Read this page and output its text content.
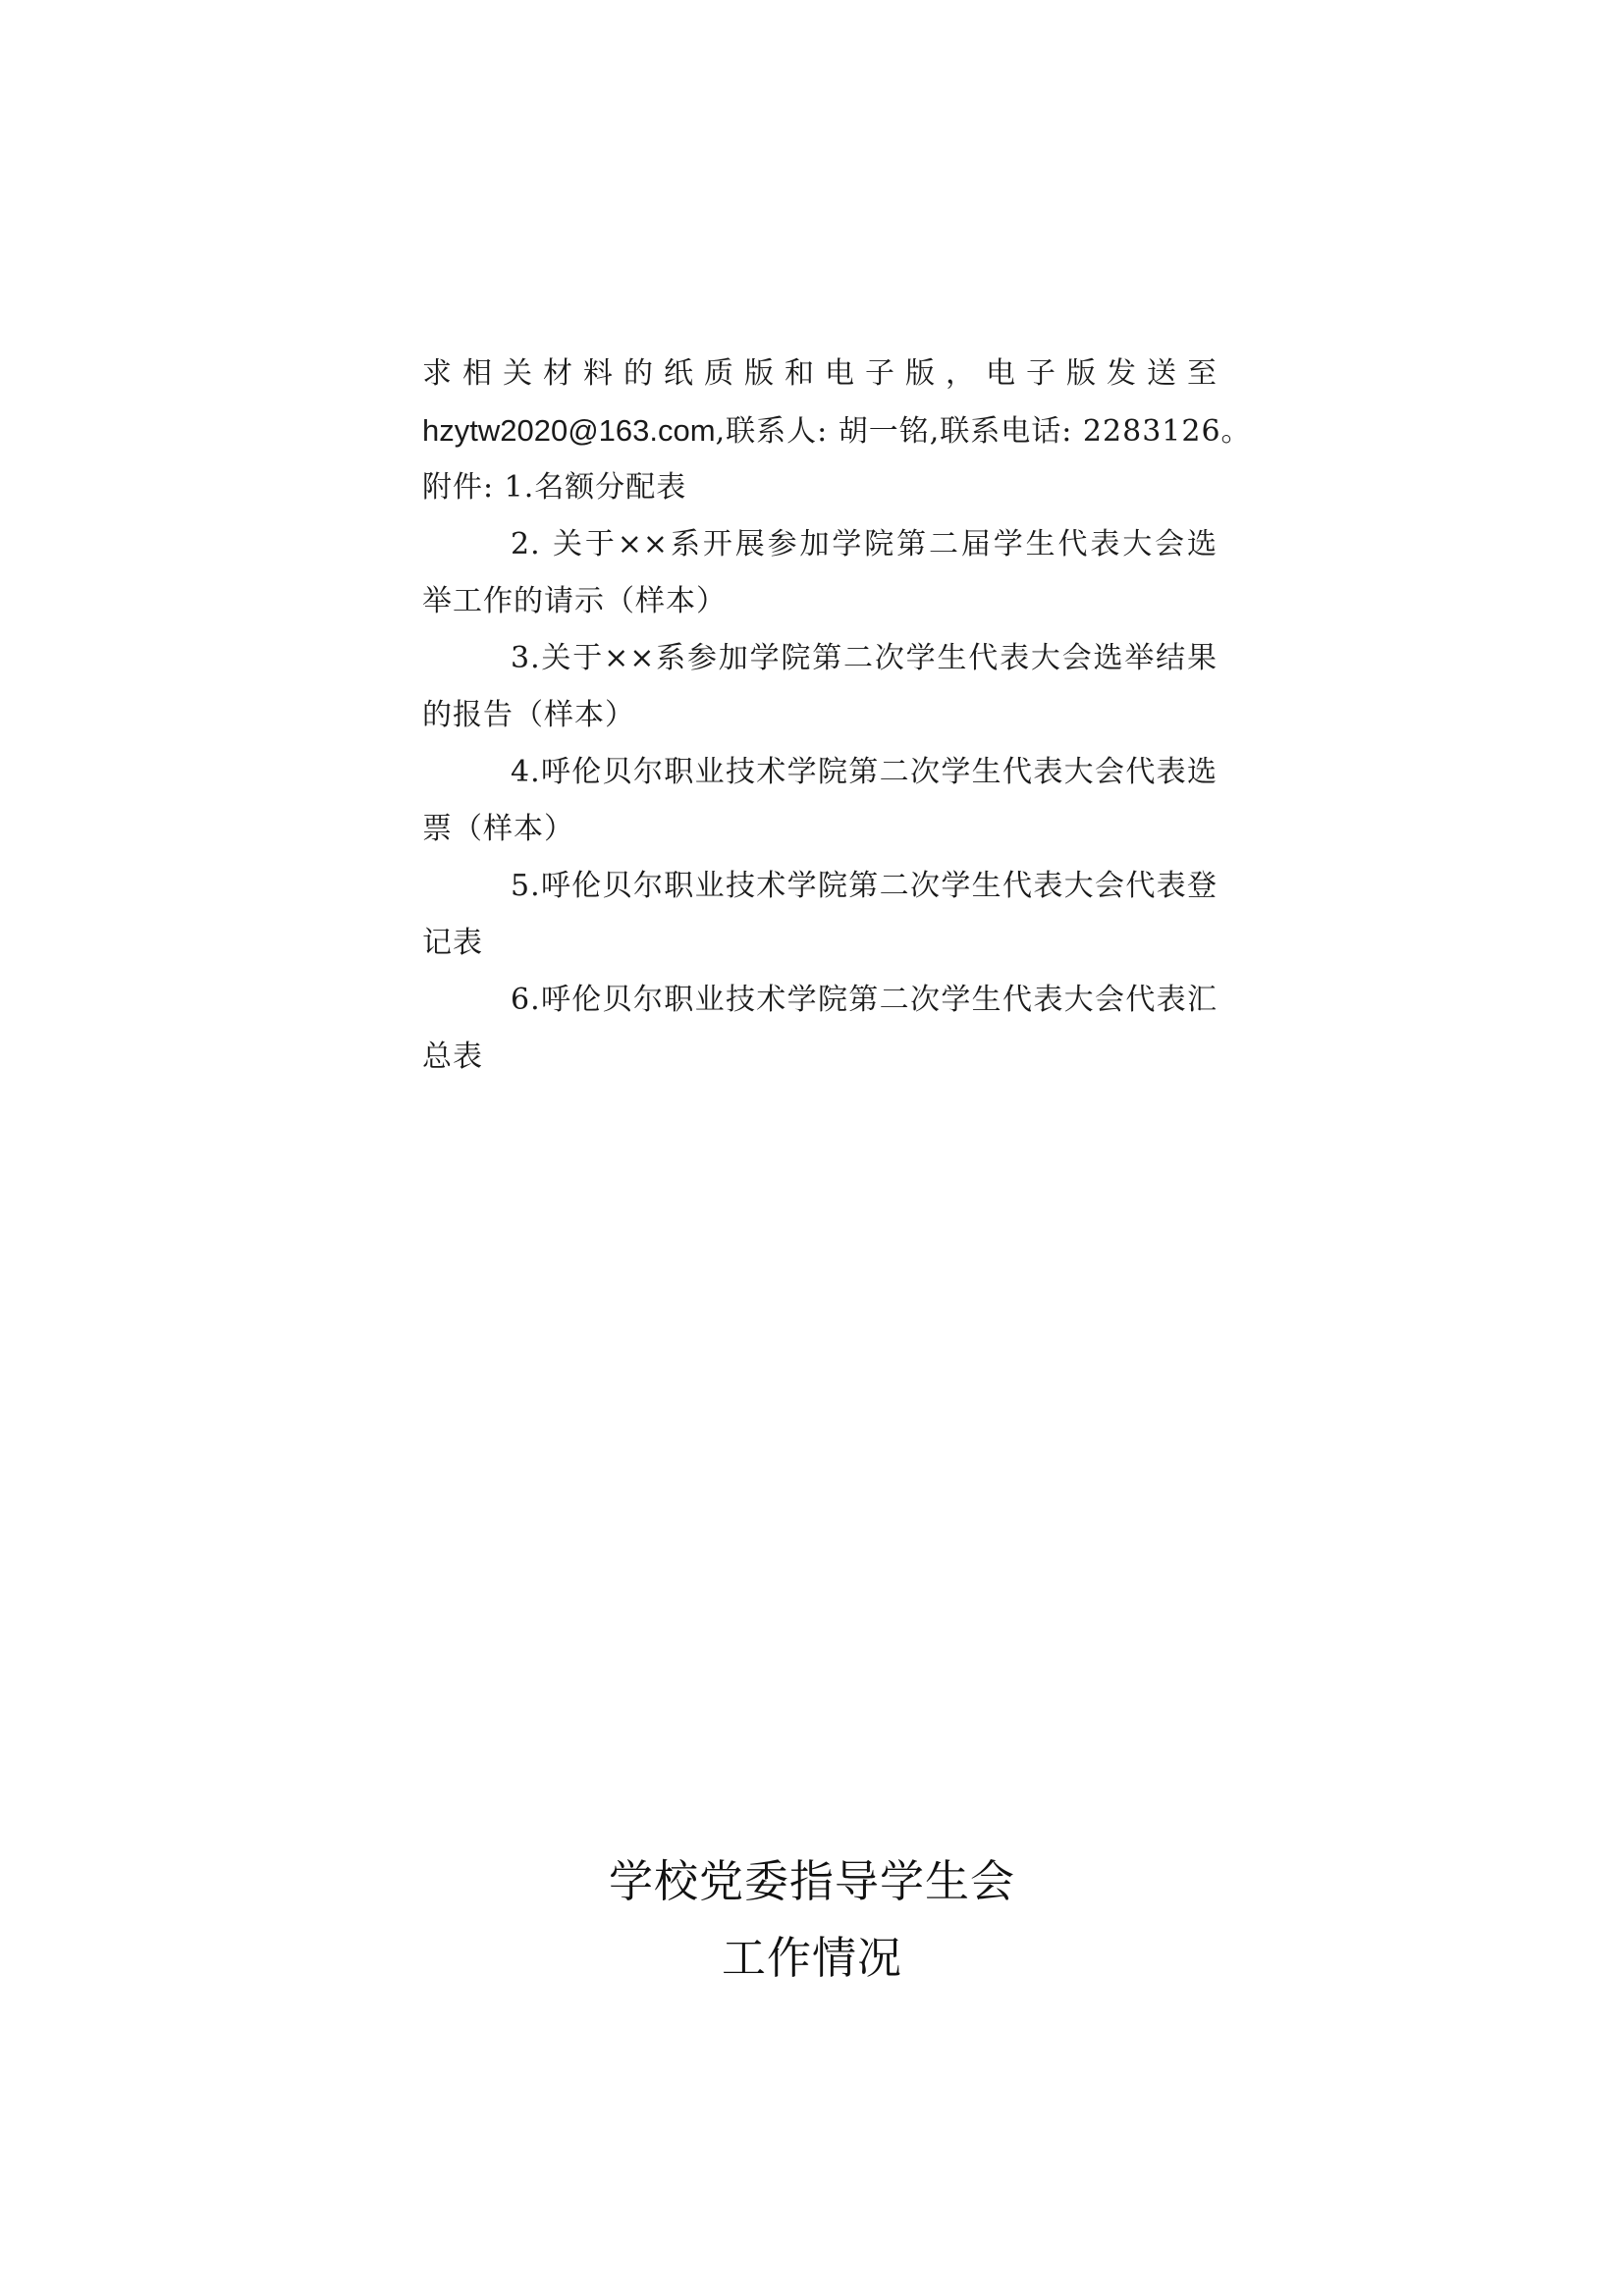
求相关材料的纸质版和电子版，电子版发送至
hzytw2020@163.com,联系人: 胡一铭,联系电话: 2283126。
附件: 1.名额分配表
2. 关于××系开展参加学院第二届学生代表大会选
举工作的请示（样本）
3.关于××系参加学院第二次学生代表大会选举结果
的报告（样本）
4.呼伦贝尔职业技术学院第二次学生代表大会代表选
票（样本）
5.呼伦贝尔职业技术学院第二次学生代表大会代表登
记表
6.呼伦贝尔职业技术学院第二次学生代表大会代表汇
总表
学校党委指导学生会
工作情况
